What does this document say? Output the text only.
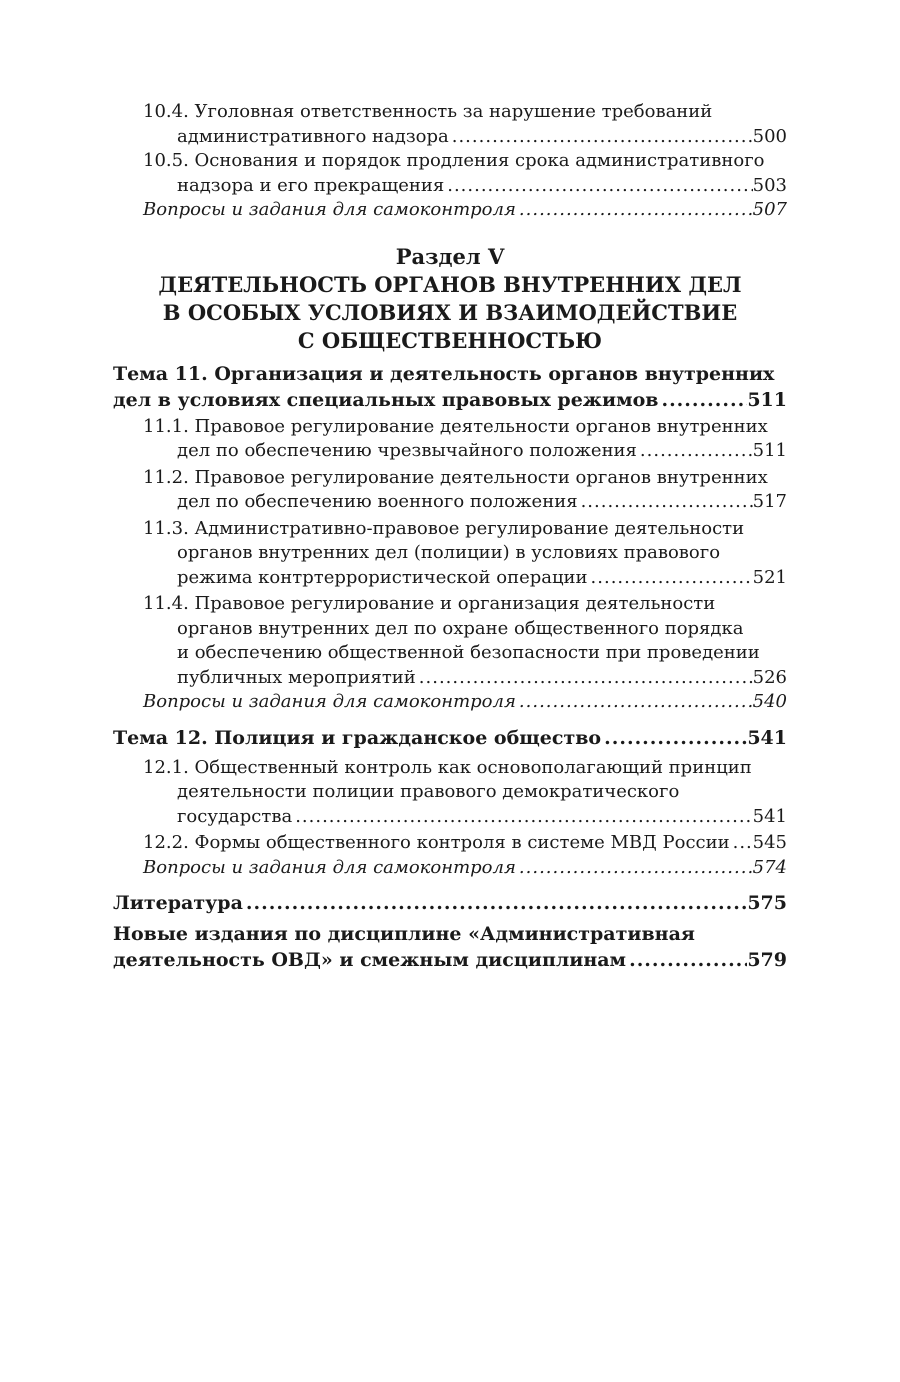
10.4. Уголовная ответственность за нарушение требований
административного надзора .....	500
10.5. Основания и порядок продления срока административного
надзора и его прекращения .....	503
Вопросы и задания для самоконтроля .....	507
Раздел V
ДЕЯТЕЛЬНОСТЬ ОРГАНОВ ВНУТРЕННИХ ДЕЛ
В ОСОБЫХ УСЛОВИЯХ И ВЗАИМОДЕЙСТВИЕ
С ОБЩЕСТВЕННОСТЬЮ
Тема 11. Организация и деятельность органов внутренних
дел в условиях специальных правовых режимов .....	511
11.1. Правовое регулирование деятельности органов внутренних
дел по обеспечению чрезвычайного положения .....	511
11.2. Правовое регулирование деятельности органов внутренних
дел по обеспечению военного положения .....	517
11.3. Административно-правовое регулирование деятельности
органов внутренних дел (полиции) в условиях правового
режима контртеррористической операции .....	521
11.4. Правовое регулирование и организация деятельности
органов внутренних дел по охране общественного порядка
и обеспечению общественной безопасности при проведении
публичных мероприятий .....	526
Вопросы и задания для самоконтроля .....	540
Тема 12. Полиция и гражданское общество .....	541
12.1. Общественный контроль как основополагающий принцип
деятельности полиции правового демократического
государства .....	541
12.2. Формы общественного контроля в системе МВД России ..... 545
Вопросы и задания для самоконтроля .....	574
Литература .....	575
Новые издания по дисциплине «Административная
деятельность ОВД» и смежным дисциплинам .....	579
